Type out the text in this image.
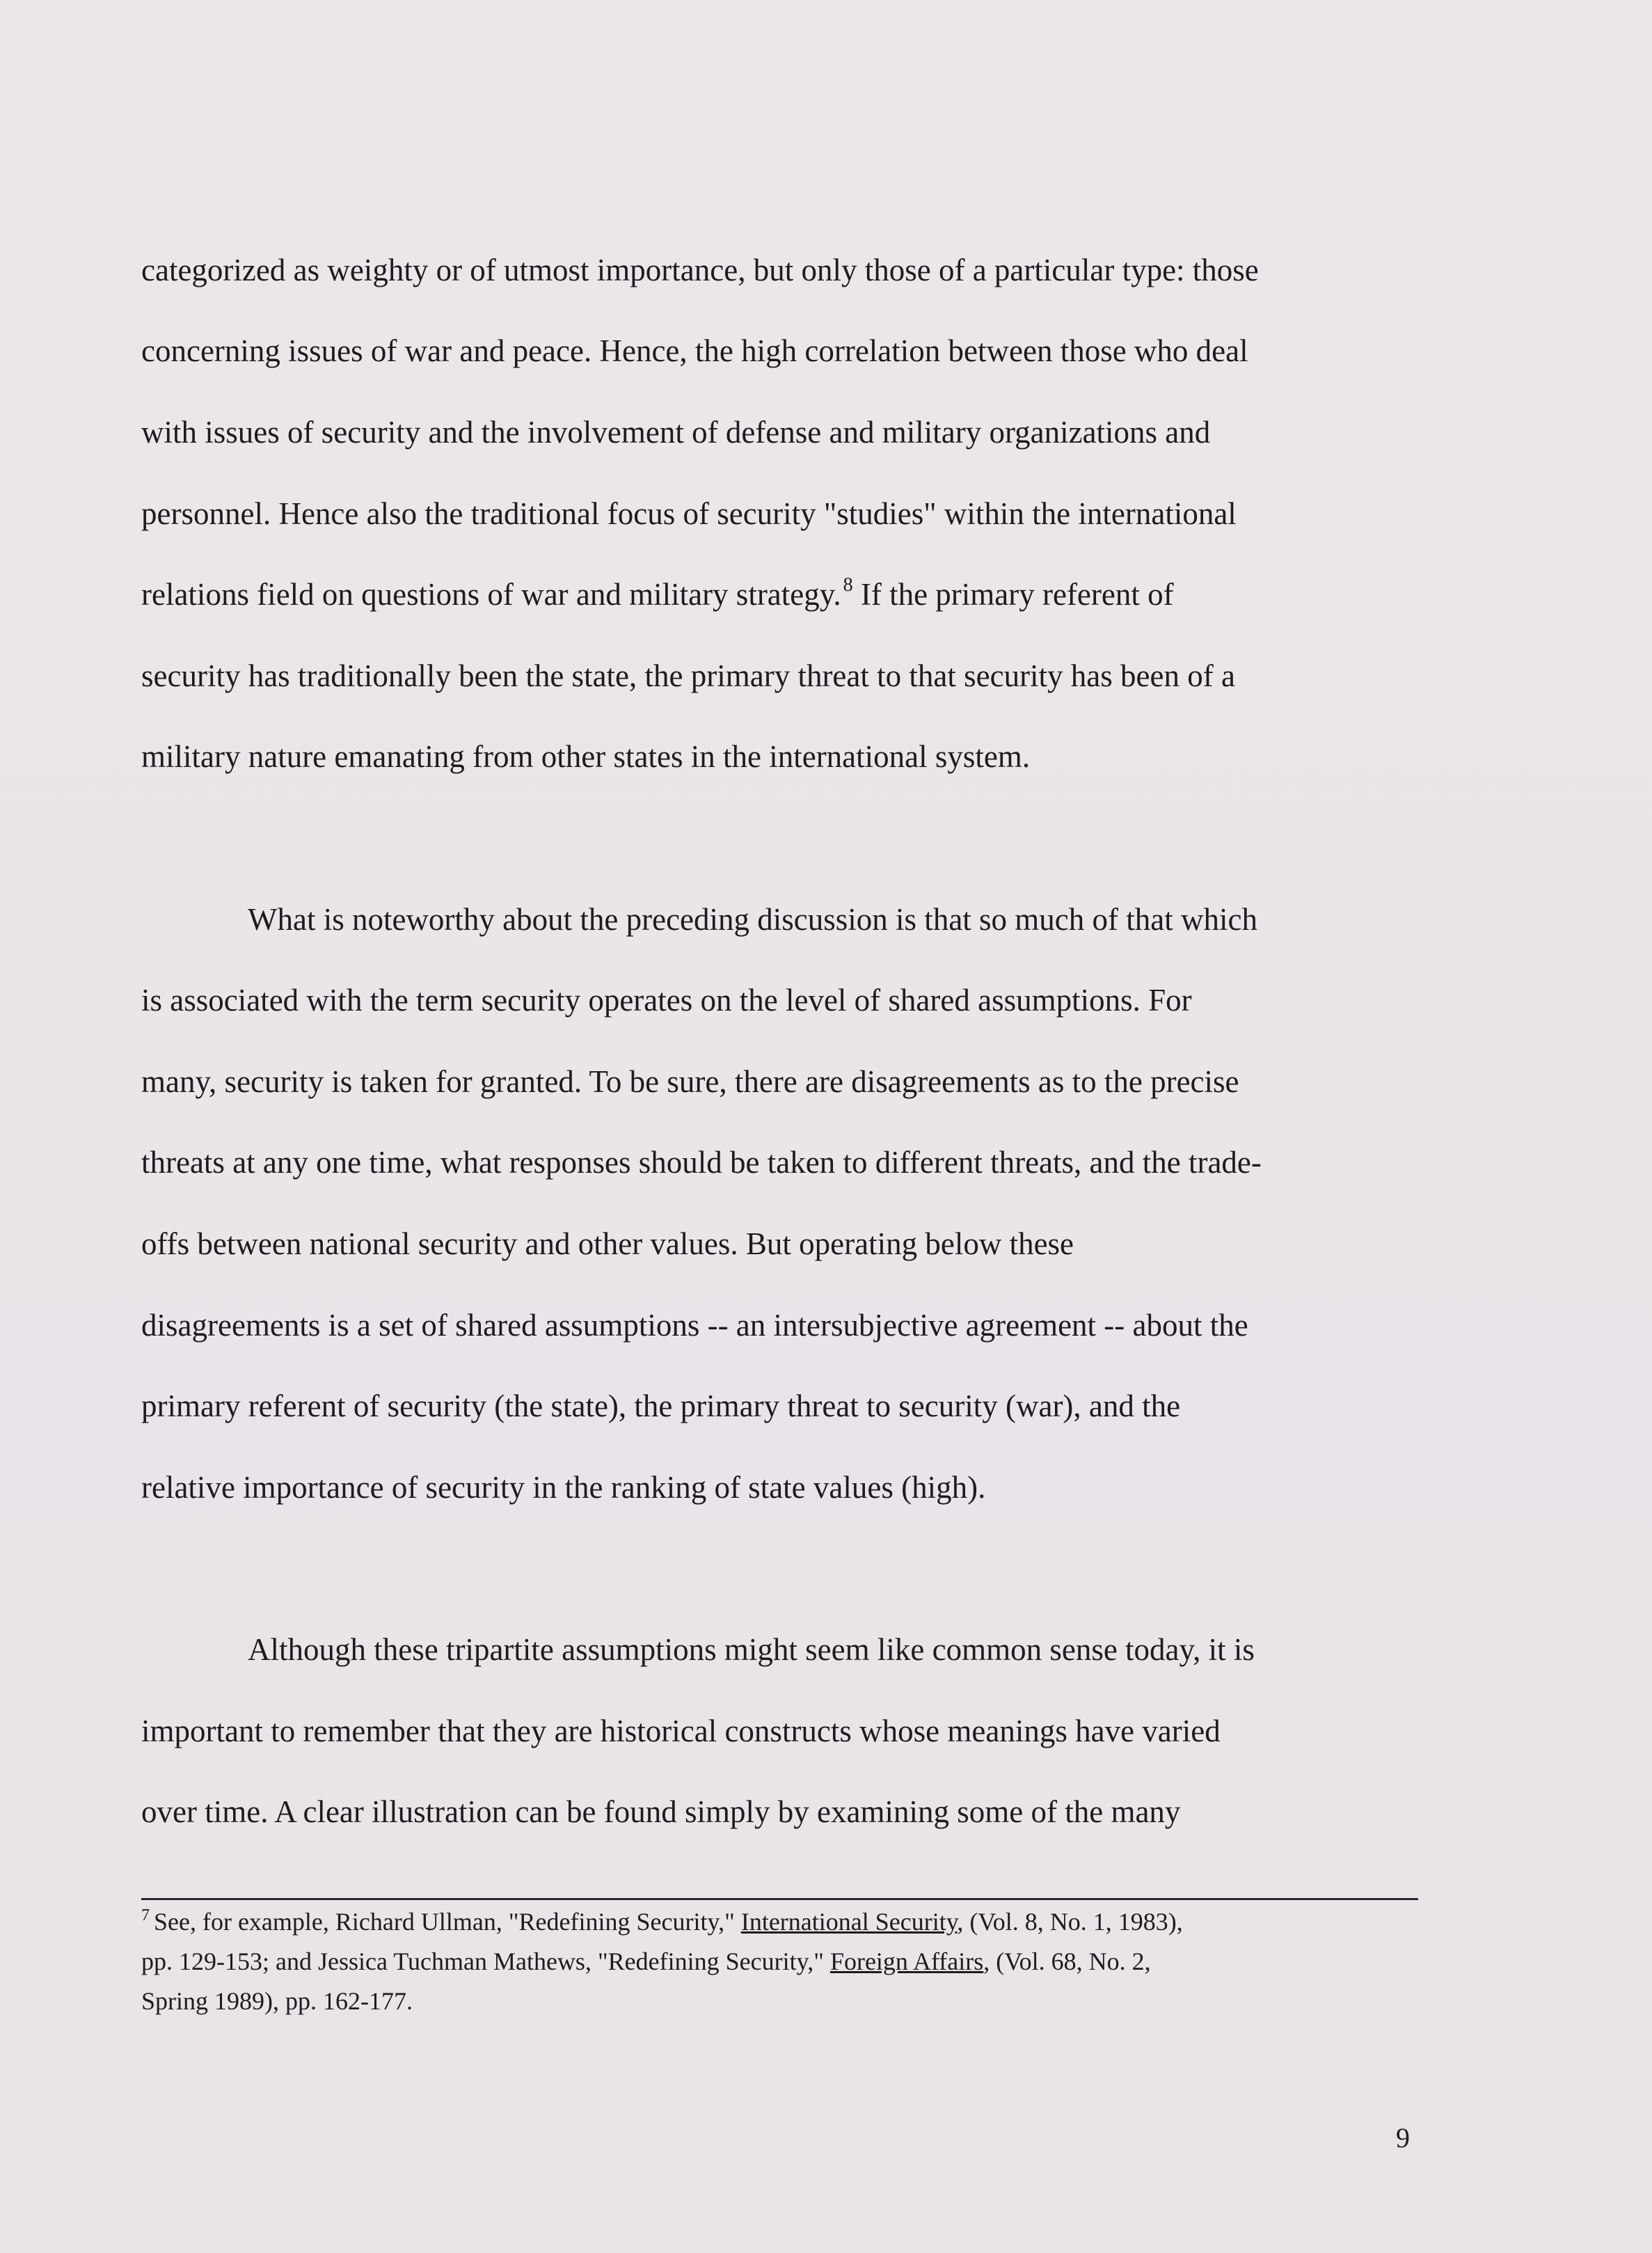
categorized as weighty or of utmost importance, but only those of a particular type: those
concerning issues of war and peace. Hence, the high correlation between those who deal
with issues of security and the involvement of defense and military organizations and
personnel. Hence also the traditional focus of security "studies" within the international
relations field on questions of war and military strategy. $^8$ If the primary referent of
security has traditionally been the state, the primary threat to that security has been of a
military nature emanating from other states in the international system.
What is noteworthy about the preceding discussion is that so much of that which
is associated with the term security operates on the level of shared assumptions. For
many, security is taken for granted. To be sure, there are disagreements as to the precise
threats at any one time, what responses should be taken to different threats, and the trade-
offs between national security and other values. But operating below these
disagreements is a set of shared assumptions -- an intersubjective agreement -- about the
primary referent of security (the state), the primary threat to security (war), and the
relative importance of security in the ranking of state values (high).
Although these tripartite assumptions might seem like common sense today, it is
important to remember that they are historical constructs whose meanings have varied
over time. A clear illustration can be found simply by examining some of the many
$^7$ See, for example, Richard Ullman, "Redefining Security," International Security, (Vol. 8, No. 1, 1983),
pp. 129-153; and Jessica Tuchman Mathews, "Redefining Security," Foreign Affairs, (Vol. 68, No. 2,
Spring 1989), pp. 162-177.
9
